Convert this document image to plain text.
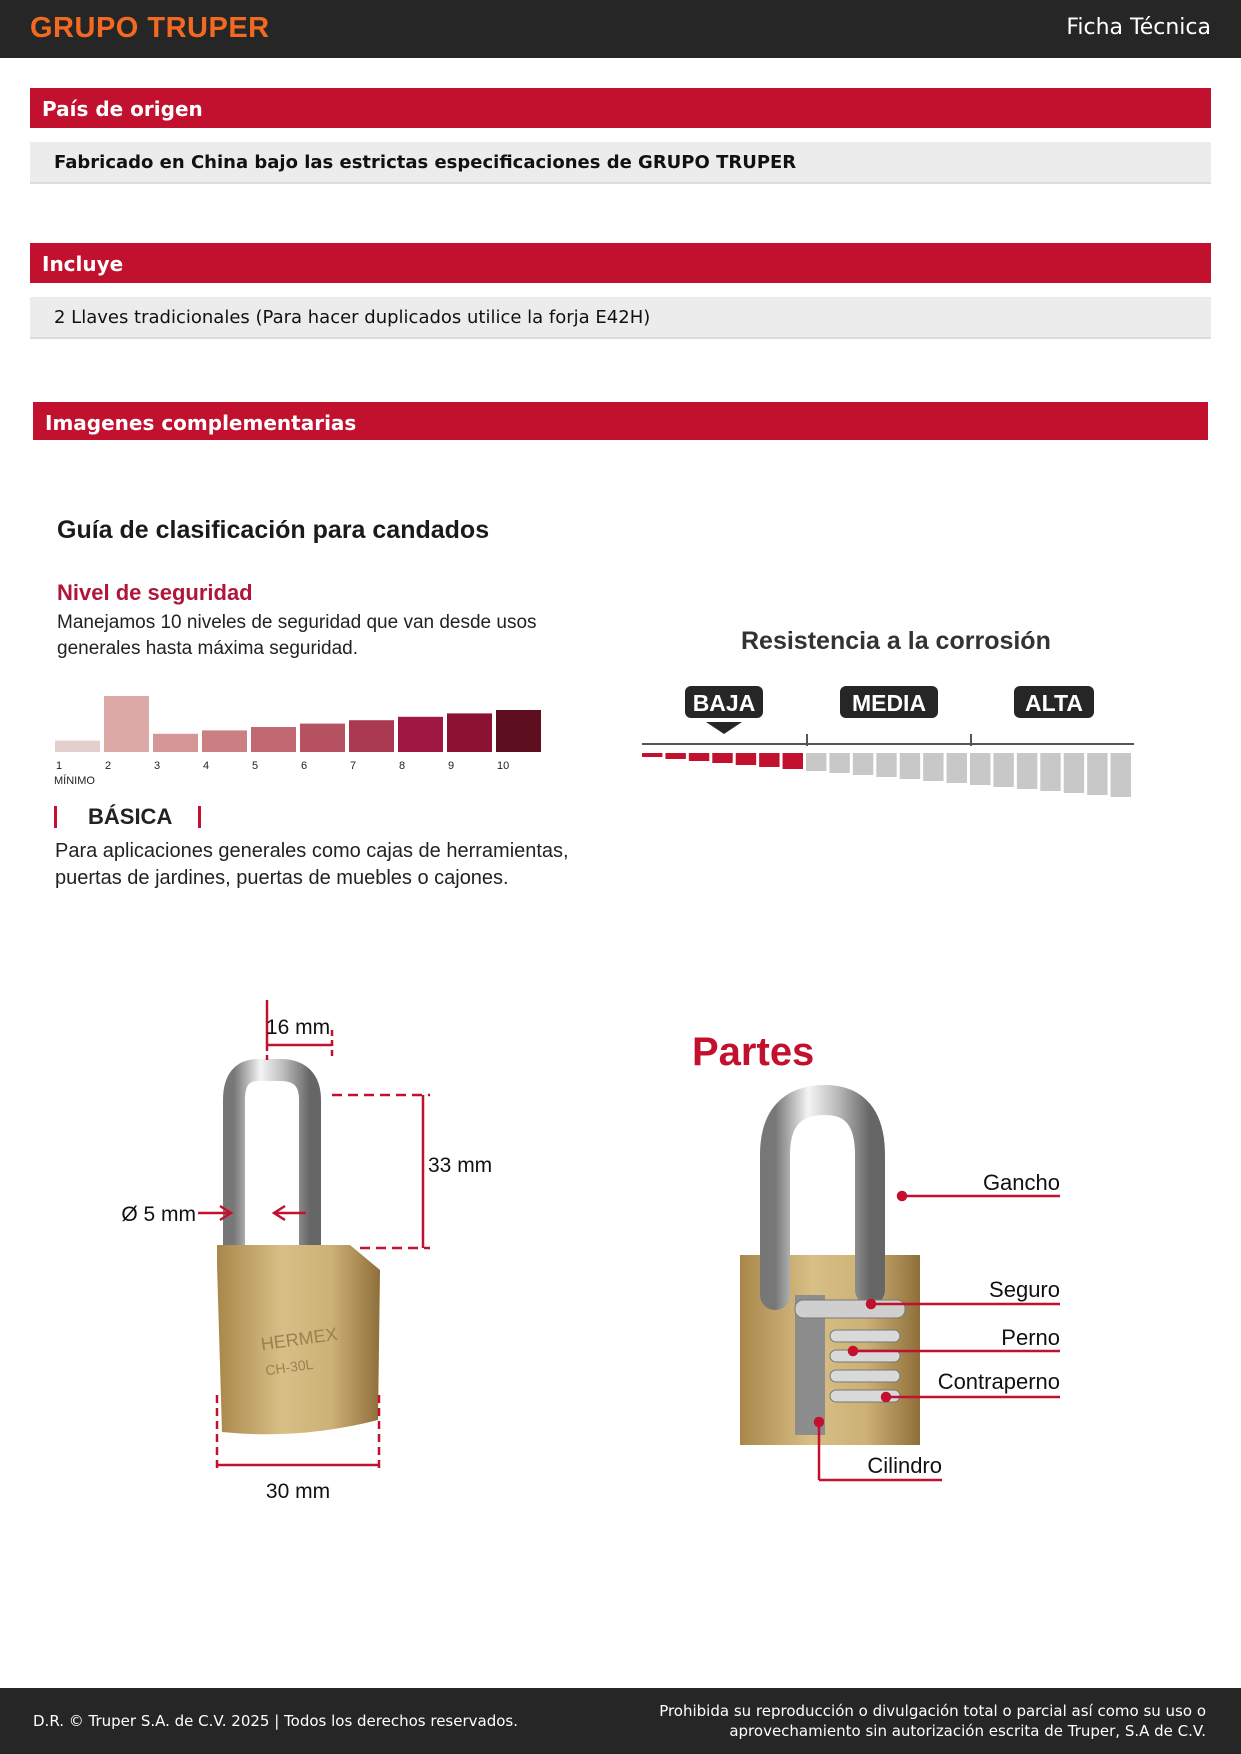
GRUPO TRUPER	Ficha Técnica
País de origen
Fabricado en China bajo las estrictas especificaciones de GRUPO TRUPER
Incluye
2 Llaves tradicionales (Para hacer duplicados utilice la forja E42H)
Imagenes complementarias
Guía de clasificación para candados
Nivel de seguridad
Manejamos 10 niveles de seguridad que van desde usos
generales hasta máxima seguridad.
1	2	3	4	5	6	7	8	9	10
MÍNIMO
BÁSICA
Para aplicaciones generales como cajas de herramientas,
puertas de jardines, puertas de muebles o cajones.
Resistencia a la corrosión
BAJA	MEDIA	ALTA
HERMEX
CH-30L
16 mm
33 mm
Ø 5 mm
30 mm
Partes
Gancho
Seguro
Perno
Contraperno
Cilindro
D.R. © Truper S.A. de C.V. 2025 | Todos los derechos reservados.
Prohibida su reproducción o divulgación total o parcial así como su uso o
aprovechamiento sin autorización escrita de Truper, S.A de C.V.
